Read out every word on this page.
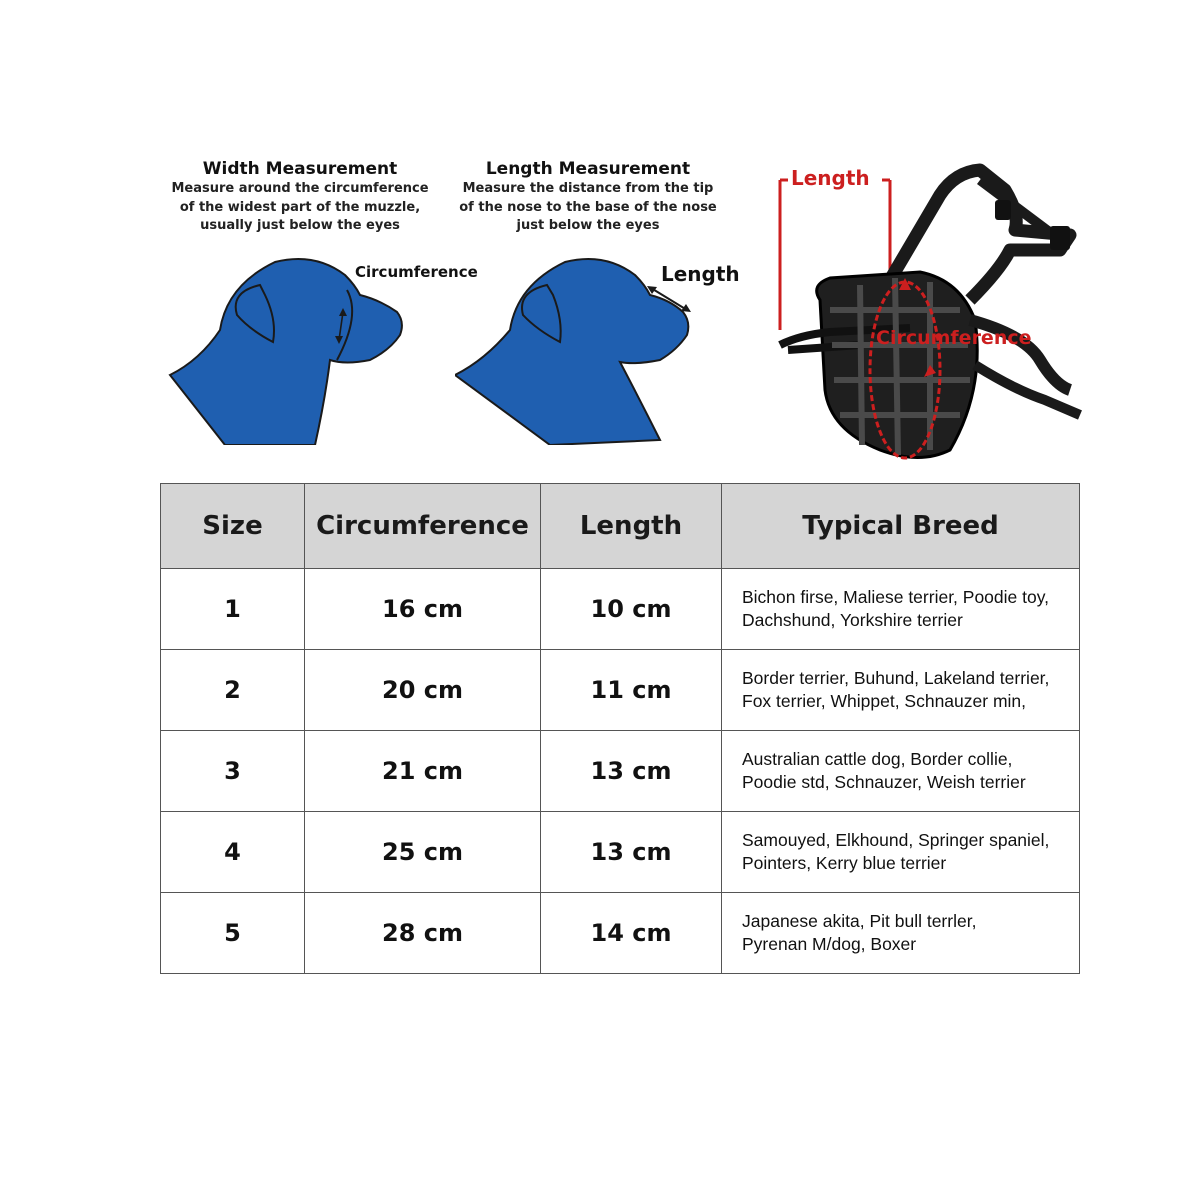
Width Measurement
Measure around the circumference
of the widest part of the muzzle,
usually just below the eyes
Length Measurement
Measure the distance from the tip
of the nose to the base of the nose
just below the eyes
Circumference	Length
Length
Circumference
Size	Circumference	Length	Typical Breed
1	16 cm	10 cm	Bichon firse, Maliese terrier, Poodie toy,
Dachshund, Yorkshire terrier

2	20 cm	11 cm	Border terrier, Buhund, Lakeland terrier,
Fox terrier, Whippet, Schnauzer min,

3	21 cm	13 cm	Australian cattle dog, Border collie,
Poodie std, Schnauzer, Weish terrier

4	25 cm	13 cm	Samouyed, Elkhound, Springer spaniel,
Pointers, Kerry blue terrier

5	28 cm	14 cm	Japanese akita, Pit bull terrler,
Pyrenan M/dog, Boxer
